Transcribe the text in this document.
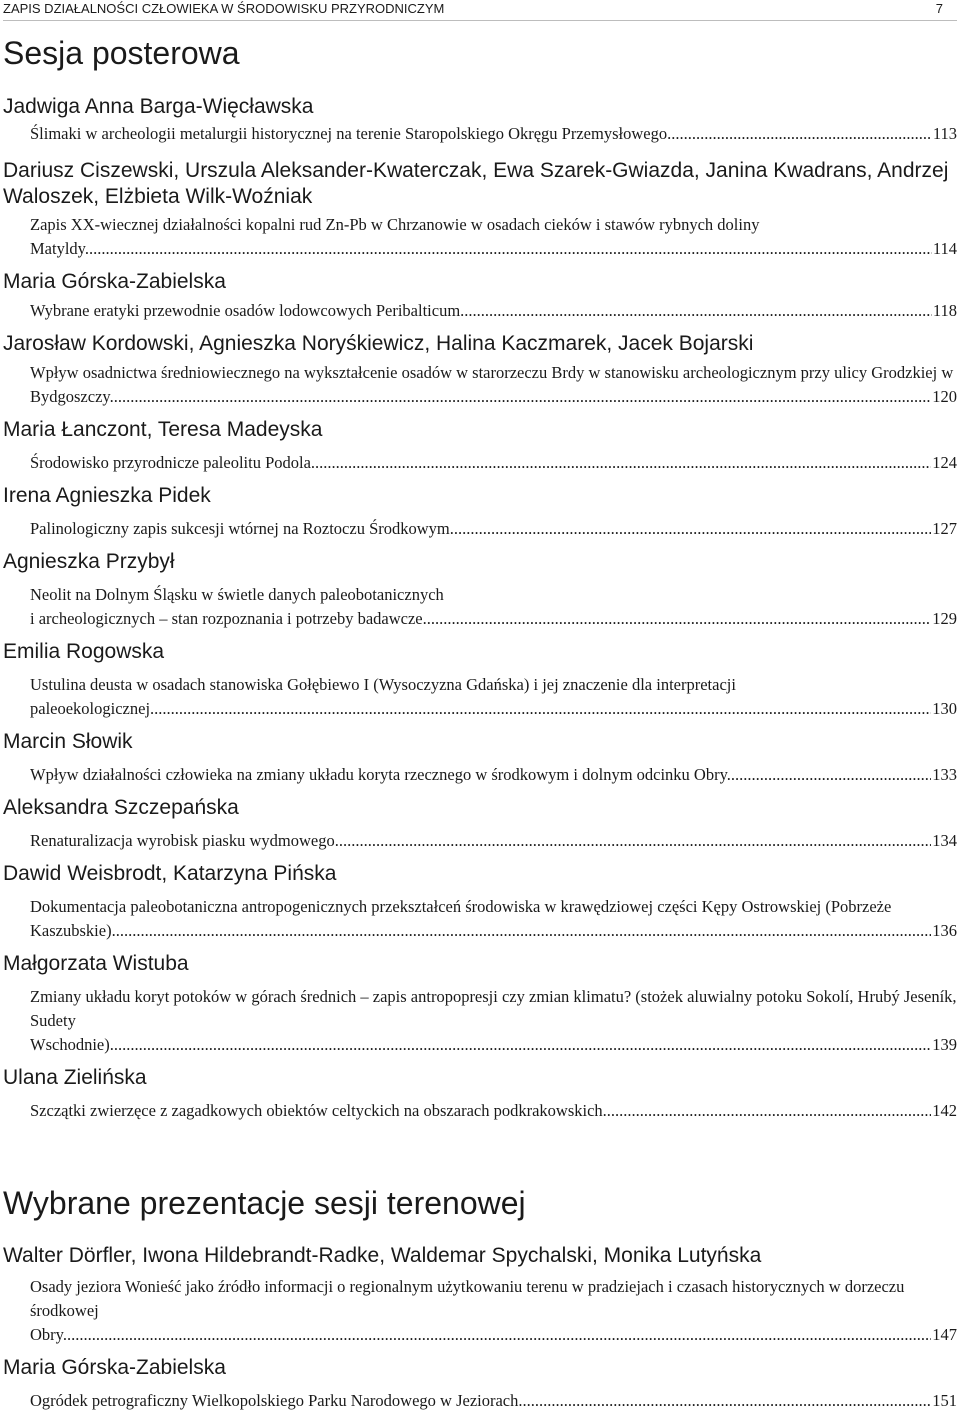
ZAPIS DZIAŁALNOŚCI CZŁOWIEKA W ŚRODOWISKU PRZYRODNICZYM	7
Sesja posterowa

Jadwiga Anna Barga-Więcławska

Ślimaki w archeologii metalurgii historycznej na terenie Staropolskiego Okręgu Przemysłowego .....	113

Dariusz Ciszewski, Urszula Aleksander-Kwaterczak, Ewa Szarek-Gwiazda, Janina Kwadrans, Andrzej Waloszek, Elżbieta Wilk-Woźniak

Zapis XX-wiecznej działalności kopalni rud Zn-Pb w Chrzanowie w osadach cieków i stawów rybnych doliny Matyldy .....	114

Maria Górska-Zabielska

Wybrane eratyki przewodnie osadów lodowcowych Peribalticum .....	118

Jarosław Kordowski, Agnieszka Noryśkiewicz, Halina Kaczmarek, Jacek Bojarski

Wpływ osadnictwa średniowiecznego na wykształcenie osadów w starorzeczu Brdy w stanowisku archeologicznym przy ulicy Grodzkiej w Bydgoszczy .....	120

Maria Łanczont, Teresa Madeyska

Środowisko przyrodnicze paleolitu Podola .....	124

Irena Agnieszka Pidek

Palinologiczny zapis sukcesji wtórnej na Roztoczu Środkowym .....	127

Agnieszka Przybył

Neolit na Dolnym Śląsku w świetle danych paleobotanicznych
i archeologicznych – stan rozpoznania i potrzeby badawcze .....	129

Emilia Rogowska

Ustulina deusta w osadach stanowiska Gołębiewo I (Wysoczyzna Gdańska) i jej znaczenie dla interpretacji paleoekologicznej .....	130

Marcin Słowik

Wpływ działalności człowieka na zmiany układu koryta rzecznego w środkowym i dolnym odcinku Obry .....	133

Aleksandra Szczepańska

Renaturalizacja wyrobisk piasku wydmowego .....	134

Dawid Weisbrodt, Katarzyna Pińska

Dokumentacja paleobotaniczna antropogenicznych przekształceń środowiska w krawędziowej części Kępy Ostrowskiej (Pobrzeże Kaszubskie) .....	136

Małgorzata Wistuba

Zmiany układu koryt potoków w górach średnich – zapis antropopresji czy zmian klimatu? (stożek aluwialny potoku Sokolí, Hrubý Jeseník, Sudety Wschodnie) .....	139

Ulana Zielińska

Szczątki zwierzęce z zagadkowych obiektów celtyckich na obszarach podkrakowskich .....	142

Wybrane prezentacje sesji terenowej

Walter Dörfler, Iwona Hildebrandt-Radke, Waldemar Spychalski, Monika Lutyńska

Osady jeziora Wonieść jako źródło informacji o regionalnym użytkowaniu terenu w pradziejach i czasach historycznych w dorzeczu środkowej Obry .....	147

Maria Górska-Zabielska

Ogródek petrograficzny Wielkopolskiego Parku Narodowego w Jeziorach .....	151
